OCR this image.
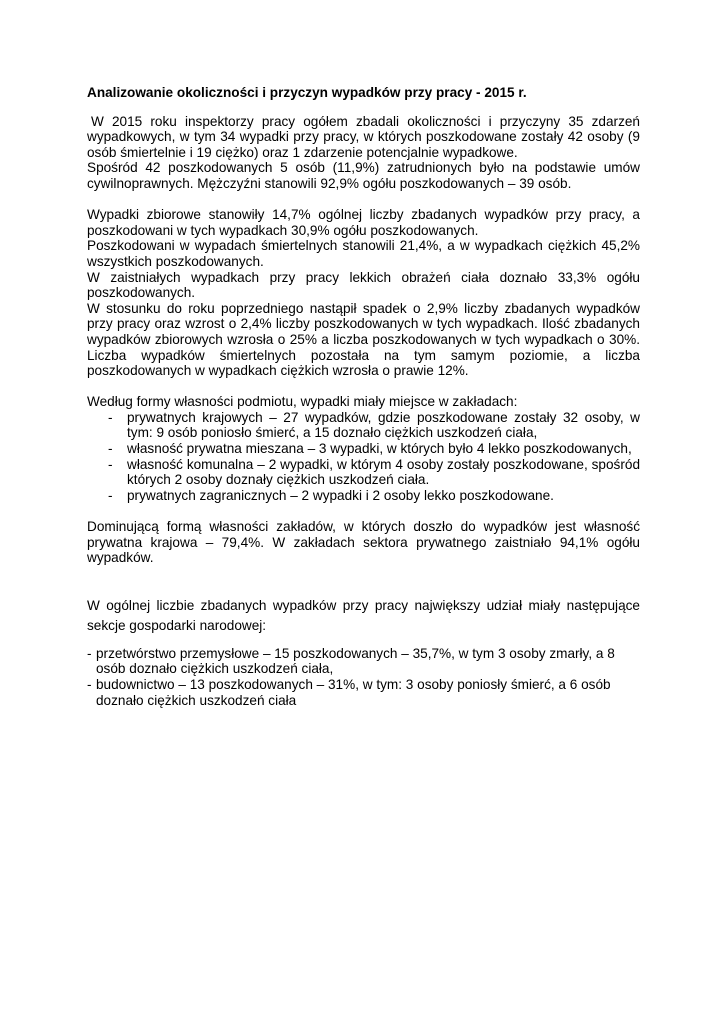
Analizowanie okoliczności i przyczyn wypadków przy pracy - 2015 r.

W 2015 roku inspektorzy pracy ogółem zbadali okoliczności i przyczyny 35 zdarzeń wypadkowych, w tym 34 wypadki przy pracy, w których poszkodowane zostały 42 osoby (9 osób śmiertelnie i 19 ciężko) oraz 1 zdarzenie potencjalnie wypadkowe.

Spośród 42 poszkodowanych 5 osób (11,9%) zatrudnionych było na podstawie umów cywilnoprawnych. Mężczyźni stanowili 92,9% ogółu poszkodowanych – 39 osób.

Wypadki zbiorowe stanowiły 14,7% ogólnej liczby zbadanych wypadków przy pracy, a poszkodowani w tych wypadkach 30,9% ogółu poszkodowanych.

Poszkodowani w wypadach śmiertelnych stanowili 21,4%, a w wypadkach ciężkich 45,2% wszystkich poszkodowanych.

W zaistniałych wypadkach przy pracy lekkich obrażeń ciała doznało 33,3% ogółu poszkodowanych.

W stosunku do roku poprzedniego nastąpił spadek o 2,9% liczby zbadanych wypadków przy pracy oraz wzrost o 2,4% liczby poszkodowanych w tych wypadkach. Ilość zbadanych wypadków zbiorowych wzrosła o 25% a liczba poszkodowanych w tych wypadkach o 30%. Liczba wypadków śmiertelnych pozostała na tym samym poziomie, a liczba poszkodowanych w wypadkach ciężkich wzrosła o prawie 12%.

Według formy własności podmiotu, wypadki miały miejsce w zakładach:

- prywatnych krajowych – 27 wypadków, gdzie poszkodowane zostały 32 osoby, w tym: 9 osób poniosło śmierć, a 15 doznało ciężkich uszkodzeń ciała,
- własność prywatna mieszana – 3 wypadki, w których było 4 lekko poszkodowanych,
- własność komunalna – 2 wypadki, w którym 4 osoby zostały poszkodowane, spośród których 2 osoby doznały ciężkich uszkodzeń ciała.
- prywatnych zagranicznych – 2 wypadki i 2 osoby lekko poszkodowane.

Dominującą formą własności zakładów, w których doszło do wypadków jest własność prywatna krajowa – 79,4%. W zakładach sektora prywatnego zaistniało 94,1% ogółu wypadków.

W ogólnej liczbie zbadanych wypadków przy pracy największy udział miały następujące sekcje gospodarki narodowej:

- przetwórstwo przemysłowe – 15 poszkodowanych – 35,7%, w tym 3 osoby zmarły, a 8 osób doznało ciężkich uszkodzeń ciała,
- budownictwo – 13 poszkodowanych – 31%, w tym: 3 osoby poniosły śmierć, a 6 osób doznało ciężkich uszkodzeń ciała
